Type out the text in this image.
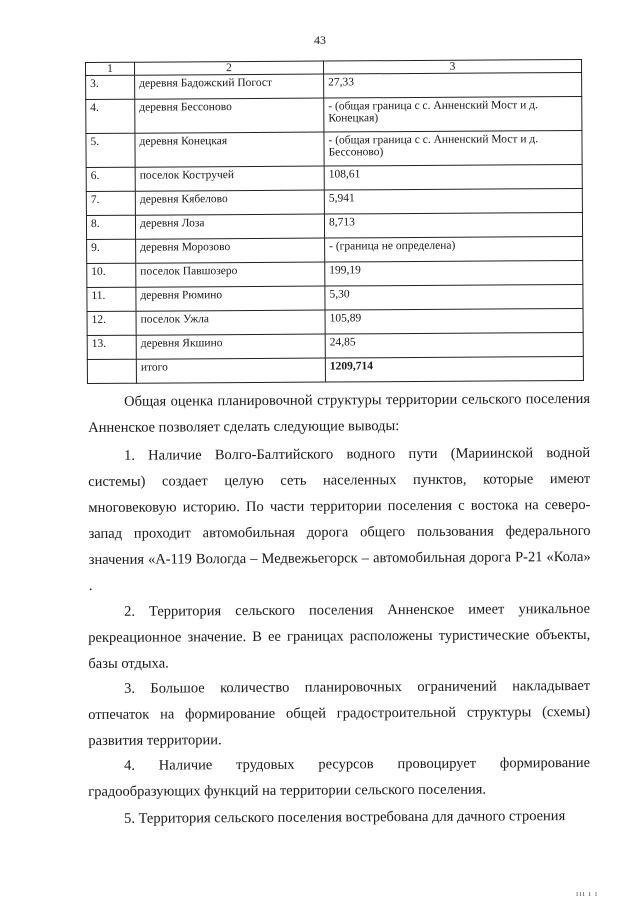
43
1	2	3
3.	деревня Бадожский Погост	27,33
4.	деревня Бессоново	- (общая граница с с. Анненский Мост и д. Конецкая)
5.	деревня Конецкая	- (общая граница с с. Анненский Мост и д. Бессоново)
6.	поселок Костручей	108,61
7.	деревня Кябелово	5,941
8.	деревня Лоза	8,713
9.	деревня Морозово	- (граница не определена)
10.	поселок Павшозеро	199,19
11.	деревня Рюмино	5,30
12.	поселок Ужла	105,89
13.	деревня Якшино	24,85
	итого	1209,714

Общая оценка планировочной структуры территории сельского поселения Анненское позволяет сделать следующие выводы:

1. Наличие Волго-Балтийского водного пути (Мариинской водной системы) создает целую сеть населенных пунктов, которые имеют многовековую историю. По части территории поселения с востока на северо-запад проходит автомобильная дорога общего пользования федерального значения «А-119 Вологда – Медвежьегорск – автомобильная дорога Р-21 «Кола» .

2. Территория сельского поселения Анненское имеет уникальное рекреационное значение. В ее границах расположены туристические объекты, базы отдыха.

3. Большое количество планировочных ограничений накладывает отпечаток на формирование общей градостроительной структуры (схемы) развития территории.

4. Наличие трудовых ресурсов провоцирует формирование градообразующих функций на территории сельского поселения.

5. Территория сельского поселения востребована для дачного строения

ııı ı ı
